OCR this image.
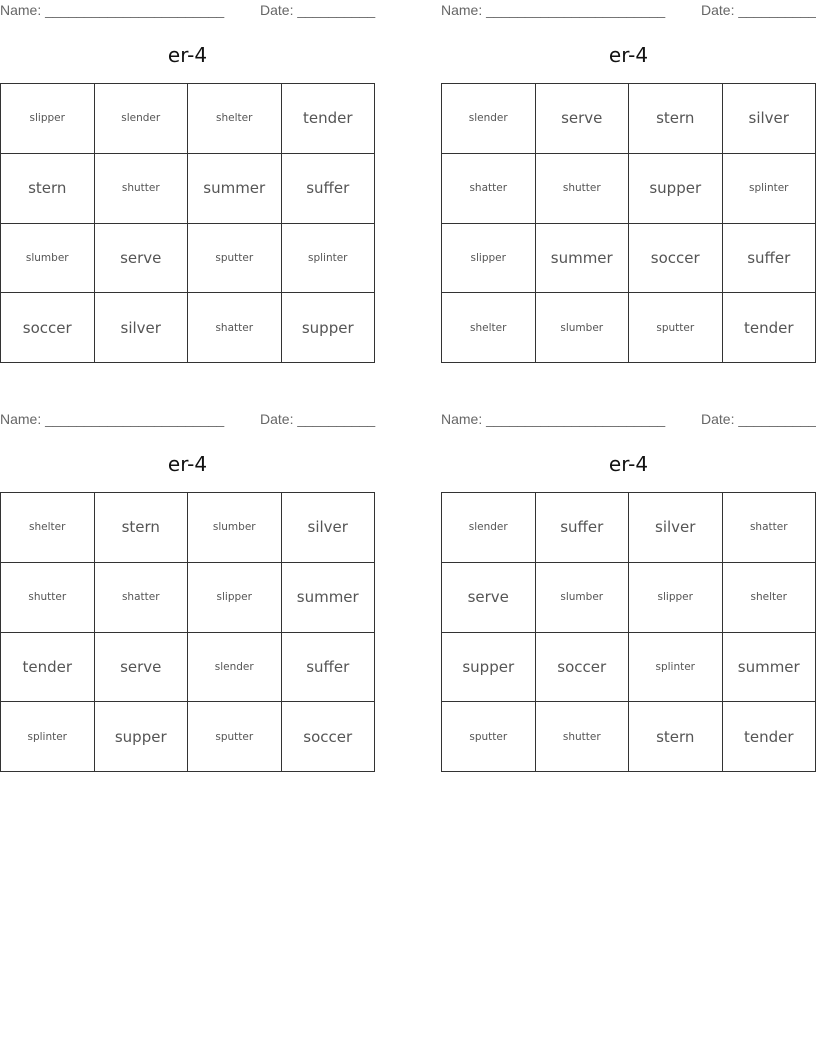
Name: _______________________	Date: __________
er-4
slipper	slender	shelter	tender
stern	shutter	summer	suffer
slumber	serve	sputter	splinter
soccer	silver	shatter	supper
Name: _______________________	Date: __________
er-4
slender	serve	stern	silver
shatter	shutter	supper	splinter
slipper	summer	soccer	suffer
shelter	slumber	sputter	tender
Name: _______________________	Date: __________
er-4
shelter	stern	slumber	silver
shutter	shatter	slipper	summer
tender	serve	slender	suffer
splinter	supper	sputter	soccer
Name: _______________________	Date: __________
er-4
slender	suffer	silver	shatter
serve	slumber	slipper	shelter
supper	soccer	splinter	summer
sputter	shutter	stern	tender
